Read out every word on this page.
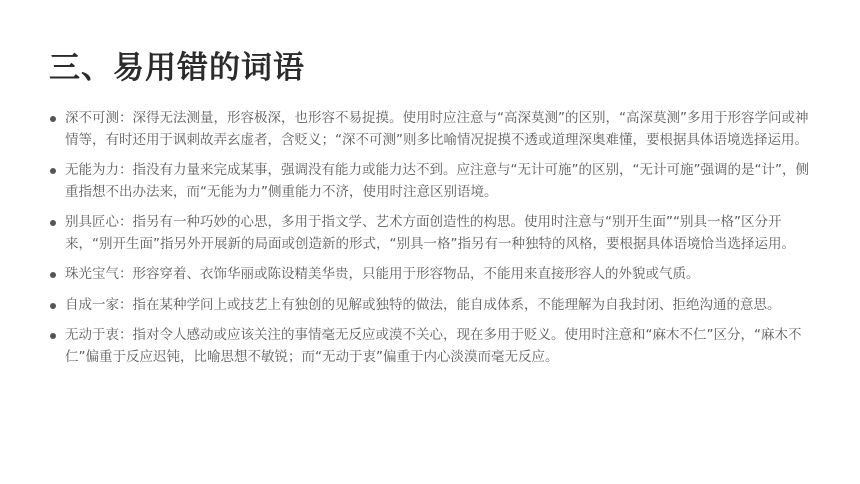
三、易用错的词语
深不可测：深得无法测量，形容极深，也形容不易捉摸。使用时应注意与“高深莫测”的区别，“高深莫测”多用于形容学问或神情等，有时还用于讽刺故弄玄虚者，含贬义；“深不可测”则多比喻情况捉摸不透或道理深奥难懂，要根据具体语境选择运用。
无能为力：指没有力量来完成某事，强调没有能力或能力达不到。应注意与“无计可施”的区别，“无计可施”强调的是“计”，侧重指想不出办法来，而“无能为力”侧重能力不济，使用时注意区别语境。
别具匠心：指另有一种巧妙的心思，多用于指文学、艺术方面创造性的构思。使用时注意与“别开生面”“别具一格”区分开来，“别开生面”指另外开展新的局面或创造新的形式，“别具一格”指另有一种独特的风格，要根据具体语境恰当选择运用。
珠光宝气：形容穿着、衣饰华丽或陈设精美华贵，只能用于形容物品，不能用来直接形容人的外貌或气质。
自成一家：指在某种学问上或技艺上有独创的见解或独特的做法，能自成体系，不能理解为自我封闭、拒绝沟通的意思。
无动于衷：指对令人感动或应该关注的事情毫无反应或漠不关心，现在多用于贬义。使用时注意和“麻木不仁”区分，“麻木不仁”偏重于反应迟钝，比喻思想不敏锐；而“无动于衷”偏重于内心淡漠而毫无反应。
